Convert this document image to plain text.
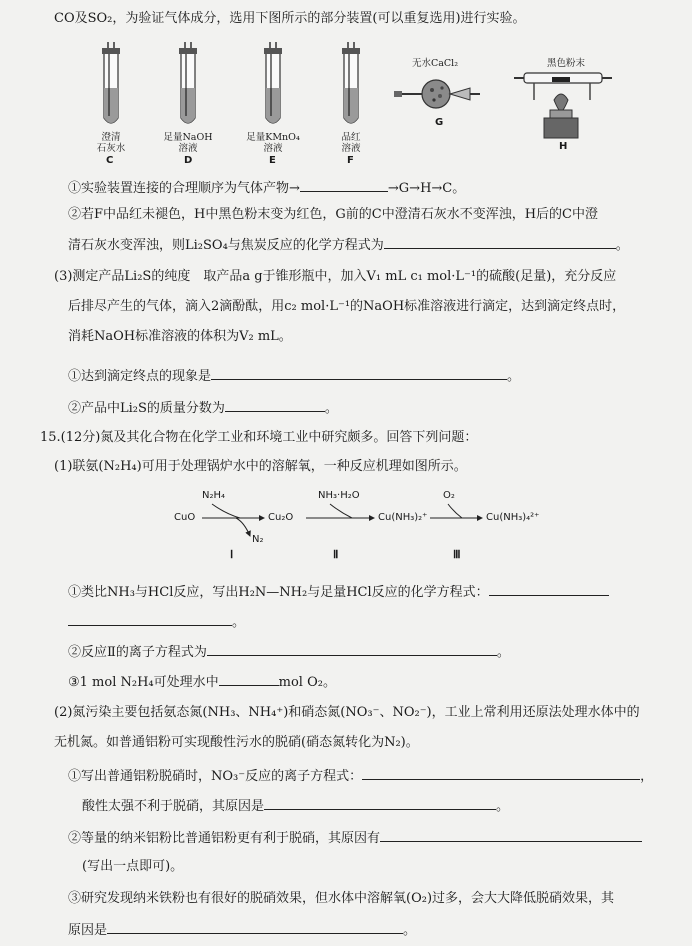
CO及SO₂，为验证气体成分，选用下图所示的部分装置(可以重复选用)进行实验。
澄清
石灰水
C
足量NaOH
溶液
D
足量KMnO₄
溶液
E
品红
溶液
F
无水CaCl₂
G
黑色粉末
H
①实验装置连接的合理顺序为气体产物→	→G→H→C。
②若F中品红未褪色，H中黑色粉末变为红色，G前的C中澄清石灰水不变浑浊，H后的C中澄
清石灰水变浑浊，则Li₂SO₄与焦炭反应的化学方程式为	。
(3)测定产品Li₂S的纯度　取产品a g于锥形瓶中，加入V₁ mL c₁ mol·L⁻¹的硫酸(足量)，充分反应
后排尽产生的气体，滴入2滴酚酞，用c₂ mol·L⁻¹的NaOH标准溶液进行滴定，达到滴定终点时，
消耗NaOH标准溶液的体积为V₂ mL。
①达到滴定终点的现象是	。
②产品中Li₂S的质量分数为	。
15.(12分)氮及其化合物在化学工业和环境工业中研究颇多。回答下列问题：
(1)联氨(N₂H₄)可用于处理锅炉水中的溶解氧，一种反应机理如图所示。
CuO
N₂H₄
N₂
Cu₂O
NH₃·H₂O
Cu(NH₃)₂⁺
O₂
Cu(NH₃)₄²⁺
Ⅰ	Ⅱ	Ⅲ
①类比NH₃与HCl反应，写出H₂N—NH₂与足量HCl反应的化学方程式：
。
②反应Ⅱ的离子方程式为	。
③1 mol N₂H₄可处理水中	mol O₂。
(2)氮污染主要包括氨态氮(NH₃、NH₄⁺)和硝态氮(NO₃⁻、NO₂⁻)，工业上常利用还原法处理水体中的
无机氮。如普通铝粉可实现酸性污水的脱硝(硝态氮转化为N₂)。
①写出普通铝粉脱硝时，NO₃⁻反应的离子方程式：	，
酸性太强不利于脱硝，其原因是	。
②等量的纳米铝粉比普通铝粉更有利于脱硝，其原因有
(写出一点即可)。
③研究发现纳米铁粉也有很好的脱硝效果，但水体中溶解氧(O₂)过多，会大大降低脱硝效果，其
原因是	。
